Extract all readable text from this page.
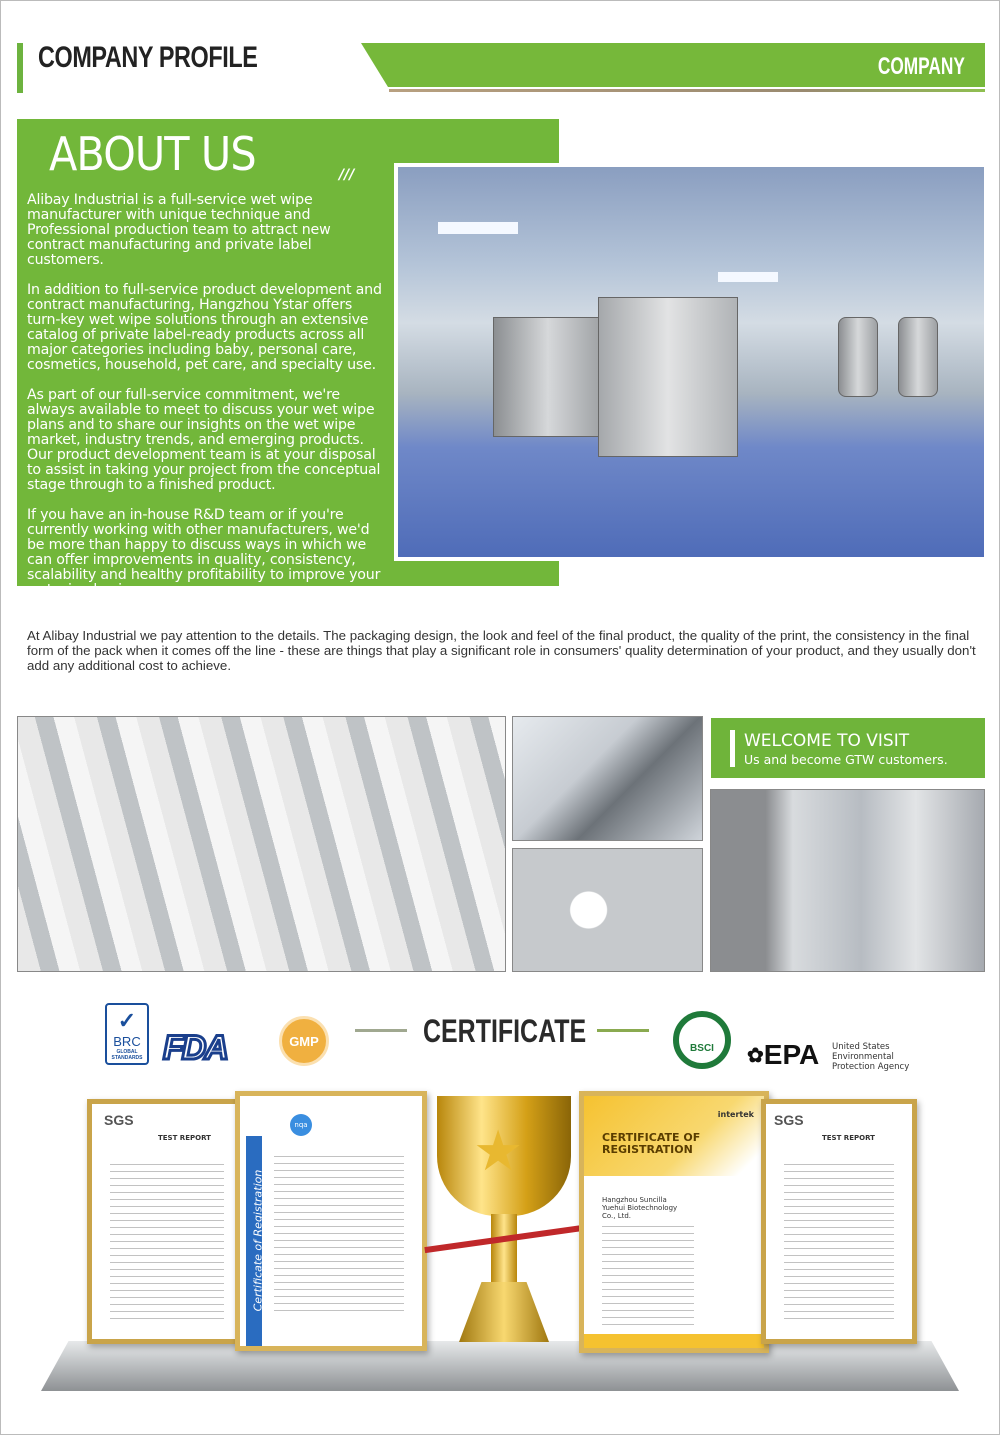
COMPANY PROFILE	COMPANY
ABOUT US	///

Alibay Industrial is a full-service wet wipe manufacturer with unique technique and Professional production team to attract new contract manufacturing and private label customers.

In addition to full-service product development and contract manufacturing, Hangzhou Ystar offers turn-key wet wipe solutions through an extensive catalog of private label-ready products across all major categories including baby, personal care, cosmetics, household, pet care, and specialty use.

As part of our full-service commitment, we're always available to meet to discuss your wet wipe plans and to share our insights on the wet wipe market, industry trends, and emerging products. Our product development team is at your disposal to assist in taking your project from the conceptual stage through to a finished product.

If you have an in-house R&D team or if you're currently working with other manufacturers, we'd be more than happy to discuss ways in which we can offer improvements in quality, consistency, scalability and healthy profitability to improve your wet wipe business.

At Alibay Industrial we pay attention to the details. The packaging design, the look and feel of the final product, the quality of the print, the consistency in the final form of the pack when it comes off the line - these are things that play a significant role in consumers' quality determination of your product, and they usually don't add any additional cost to achieve.
WELCOME TO VISIT
Us and become GTW customers.
✓
BRC
GLOBAL STANDARDS FDA	GMP	CERTIFICATE	BSCI	✿ EPA United States Environmental Protection Agency
SGS
TEST REPORT
nqa
Certificate of Registration
★
intertek
CERTIFICATE OF REGISTRATION
Hangzhou Suncilla Yuehui Biotechnology Co., Ltd.
SGS
TEST REPORT
